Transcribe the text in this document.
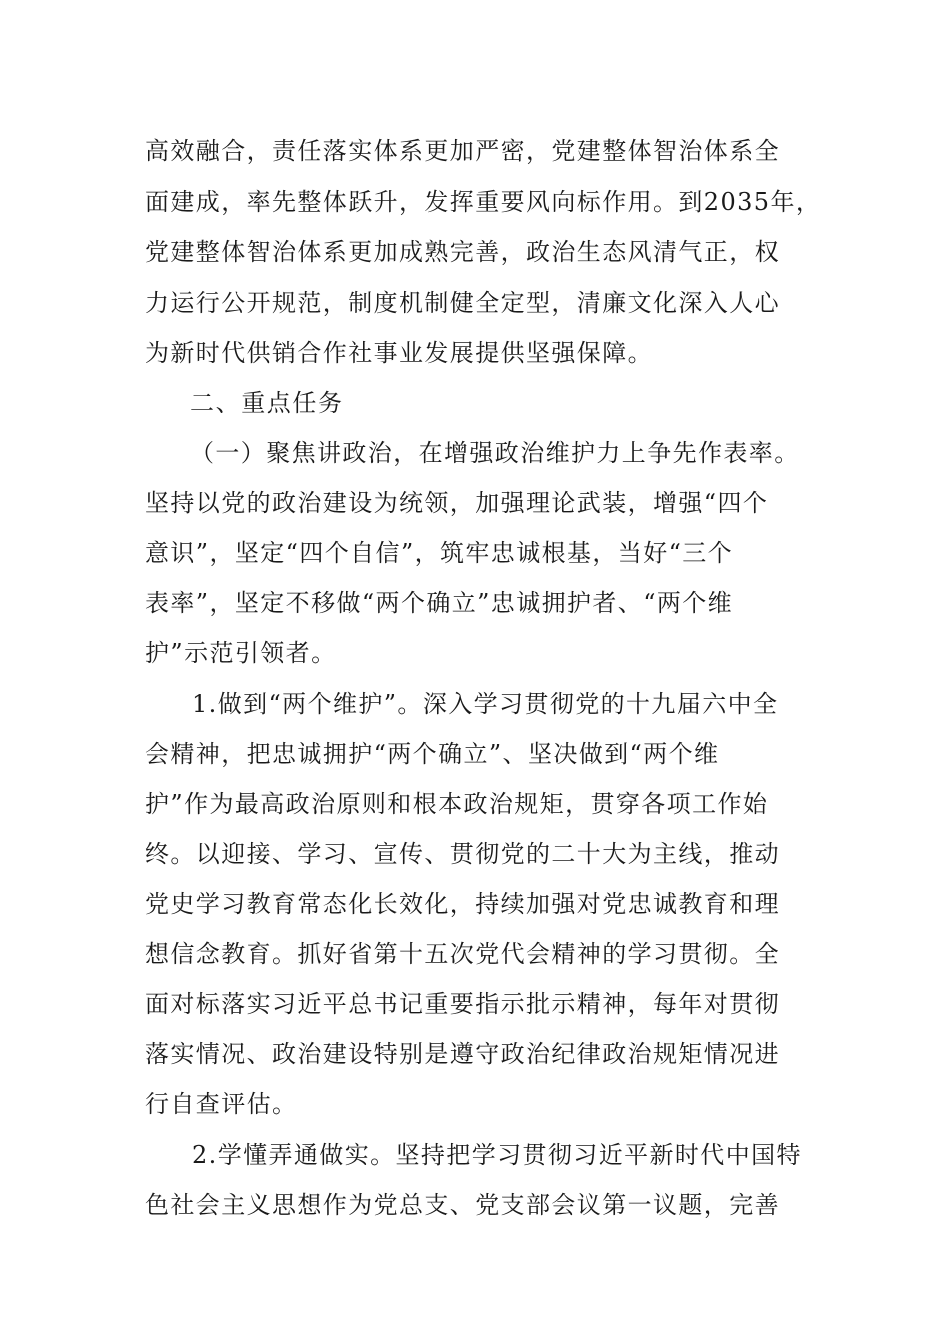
高效融合，责任落实体系更加严密，党建整体智治体系全
面建成，率先整体跃升，发挥重要风向标作用。到2035年，
党建整体智治体系更加成熟完善，政治生态风清气正，权
力运行公开规范，制度机制健全定型，清廉文化深入人心
为新时代供销合作社事业发展提供坚强保障。
二、重点任务
（一）聚焦讲政治，在增强政治维护力上争先作表率。
坚持以党的政治建设为统领，加强理论武装，增强“四个
意识”，坚定“四个自信”，筑牢忠诚根基，当好“三个
表率”，坚定不移做“两个确立”忠诚拥护者、“两个维
护”示范引领者。
1.做到“两个维护”。深入学习贯彻党的十九届六中全
会精神，把忠诚拥护“两个确立”、坚决做到“两个维
护”作为最高政治原则和根本政治规矩，贯穿各项工作始
终。以迎接、学习、宣传、贯彻党的二十大为主线，推动
党史学习教育常态化长效化，持续加强对党忠诚教育和理
想信念教育。抓好省第十五次党代会精神的学习贯彻。全
面对标落实习近平总书记重要指示批示精神，每年对贯彻
落实情况、政治建设特别是遵守政治纪律政治规矩情况进
行自查评估。
2.学懂弄通做实。坚持把学习贯彻习近平新时代中国特
色社会主义思想作为党总支、党支部会议第一议题，完善
